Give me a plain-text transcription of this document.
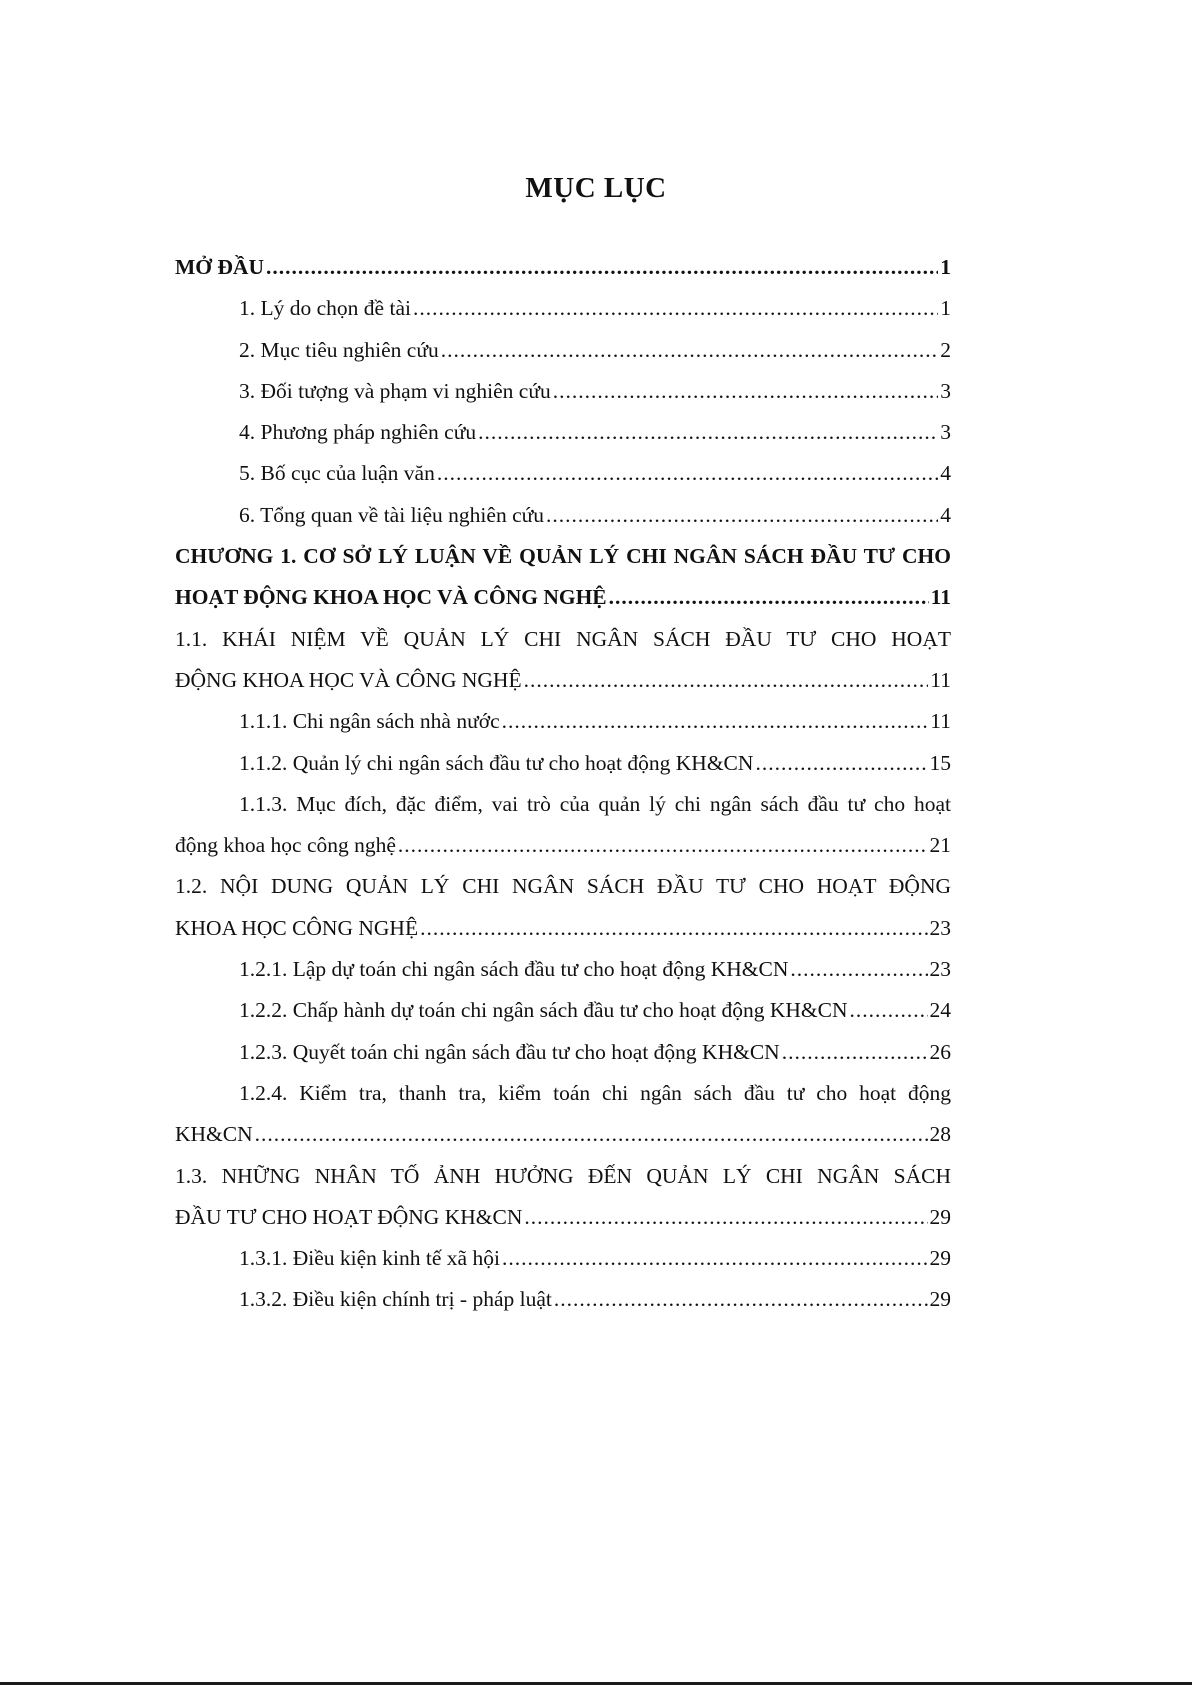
MỤC LỤC
MỞ ĐẦU .....	1
1. Lý do chọn đề tài .....	1
2. Mục tiêu nghiên cứu .....	2
3. Đối tượng và phạm vi nghiên cứu .....	3
4. Phương pháp nghiên cứu .....	3
5. Bố cục của luận văn .....	4
6. Tổng quan về tài liệu nghiên cứu .....	4
CHƯƠNG 1. CƠ SỞ LÝ LUẬN VỀ QUẢN LÝ CHI NGÂN SÁCH ĐẦU TƯ CHO
HOẠT ĐỘNG KHOA HỌC VÀ CÔNG NGHỆ .....	11
1.1. KHÁI NIỆM VỀ QUẢN LÝ CHI NGÂN SÁCH ĐẦU TƯ CHO HOẠT
ĐỘNG KHOA HỌC VÀ CÔNG NGHỆ .....	11
1.1.1. Chi ngân sách nhà nước .....	11
1.1.2. Quản lý chi ngân sách đầu tư cho hoạt động KH&CN .....	15
1.1.3. Mục đích, đặc điểm, vai trò của quản lý chi ngân sách đầu tư cho hoạt
động khoa học công nghệ .....	21
1.2. NỘI DUNG QUẢN LÝ CHI NGÂN SÁCH ĐẦU TƯ CHO HOẠT ĐỘNG
KHOA HỌC CÔNG NGHỆ .....	23
1.2.1. Lập dự toán chi ngân sách đầu tư cho hoạt động KH&CN .....	23
1.2.2. Chấp hành dự toán chi ngân sách đầu tư cho hoạt động KH&CN .....	24
1.2.3. Quyết toán chi ngân sách đầu tư cho hoạt động KH&CN .....	26
1.2.4. Kiểm tra, thanh tra, kiểm toán chi ngân sách đầu tư cho hoạt động
KH&CN .....	28
1.3. NHỮNG NHÂN TỐ ẢNH HƯỞNG ĐẾN QUẢN LÝ CHI NGÂN SÁCH
ĐẦU TƯ CHO HOẠT ĐỘNG KH&CN .....	29
1.3.1. Điều kiện kinh tế xã hội .....	29
1.3.2. Điều kiện chính trị - pháp luật .....	29
